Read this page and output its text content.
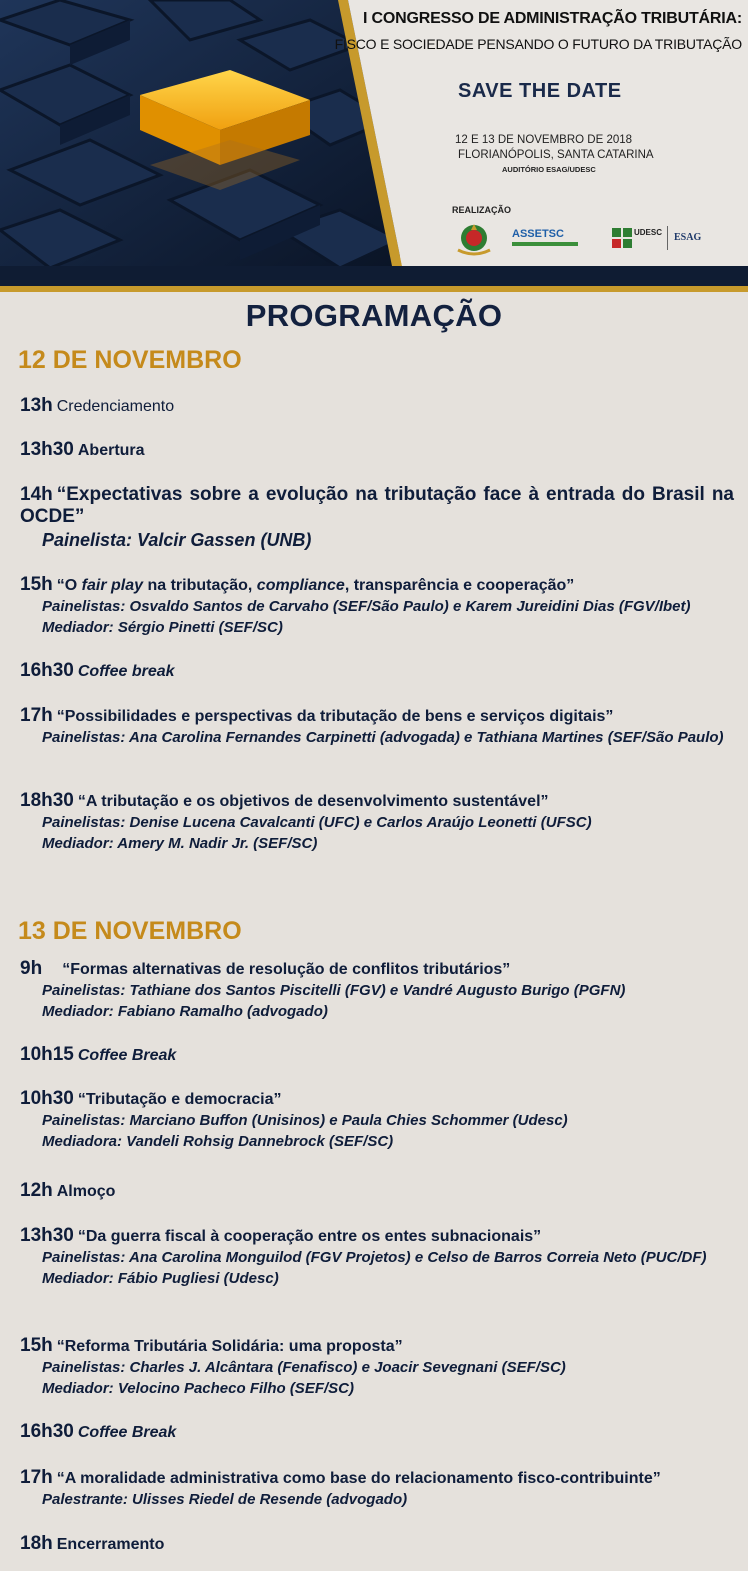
I CONGRESSO DE ADMINISTRAÇÃO TRIBUTÁRIA:
FISCO E SOCIEDADE PENSANDO O FUTURO DA TRIBUTAÇÃO
SAVE THE DATE
12 E 13 DE NOVEMBRO DE 2018
FLORIANÓPOLIS, SANTA CATARINA
AUDITÓRIO ESAG/UDESC
REALIZAÇÃO
ASSETSC	UDESC ESAG
PROGRAMAÇÃO
12 DE NOVEMBRO
13h Credenciamento
13h30 Abertura
14h “Expectativas sobre a evolução na tributação face à entrada do Brasil na OCDE”
Painelista: Valcir Gassen (UNB)
15h “O fair play na tributação, compliance, transparência e cooperação”
Painelistas: Osvaldo Santos de Carvaho (SEF/São Paulo) e Karem Jureidini Dias (FGV/Ibet)
Mediador: Sérgio Pinetti (SEF/SC)
16h30 Coffee break
17h “Possibilidades e perspectivas da tributação de bens e serviços digitais”
Painelistas: Ana Carolina Fernandes Carpinetti (advogada) e Tathiana Martines (SEF/São Paulo)
18h30 “A tributação e os objetivos de desenvolvimento sustentável”
Painelistas: Denise Lucena Cavalcanti (UFC) e Carlos Araújo Leonetti (UFSC)
Mediador: Amery M. Nadir Jr. (SEF/SC)
13 DE NOVEMBRO
9h “Formas alternativas de resolução de conflitos tributários”
Painelistas: Tathiane dos Santos Piscitelli (FGV) e Vandré Augusto Burigo (PGFN)
Mediador: Fabiano Ramalho (advogado)
10h15 Coffee Break
10h30 “Tributação e democracia”
Painelistas: Marciano Buffon (Unisinos) e Paula Chies Schommer (Udesc)
Mediadora: Vandeli Rohsig Dannebrock (SEF/SC)
12h Almoço
13h30 “Da guerra fiscal à cooperação entre os entes subnacionais”
Painelistas: Ana Carolina Monguilod (FGV Projetos) e Celso de Barros Correia Neto (PUC/DF)
Mediador: Fábio Pugliesi (Udesc)
15h “Reforma Tributária Solidária: uma proposta”
Painelistas: Charles J. Alcântara (Fenafisco) e Joacir Sevegnani (SEF/SC)
Mediador: Velocino Pacheco Filho (SEF/SC)
16h30 Coffee Break
17h “A moralidade administrativa como base do relacionamento fisco-contribuinte”
Palestrante: Ulisses Riedel de Resende (advogado)
18h Encerramento
